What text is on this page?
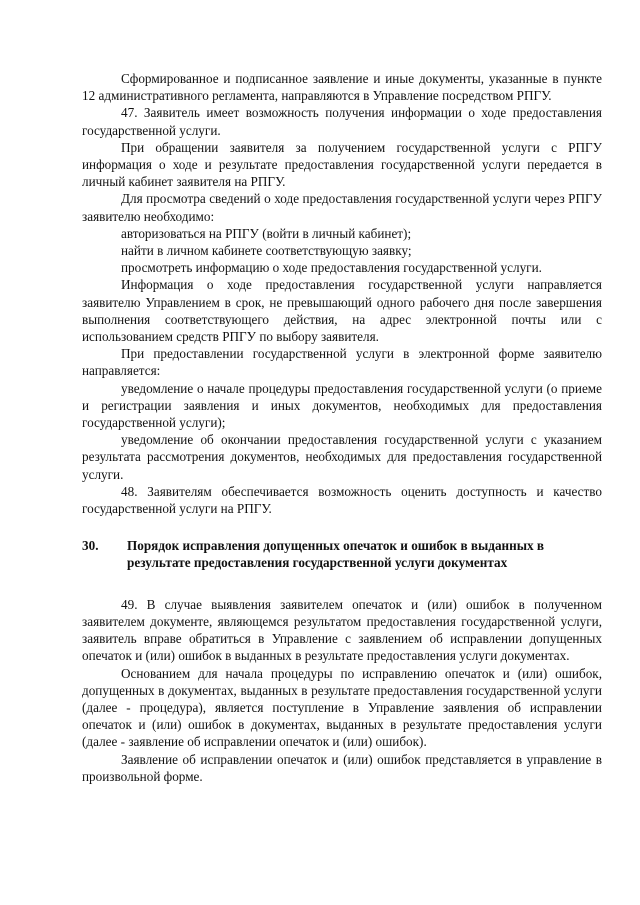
Сформированное и подписанное заявление и иные документы, указанные в пункте 12 административного регламента, направляются в Управление посредством РПГУ.

47. Заявитель имеет возможность получения информации о ходе предоставления государственной услуги.

При обращении заявителя за получением государственной услуги с РПГУ информация о ходе и результате предоставления государственной услуги передается в личный кабинет заявителя на РПГУ.

Для просмотра сведений о ходе предоставления государственной услуги через РПГУ заявителю необходимо:

авторизоваться на РПГУ (войти в личный кабинет);

найти в личном кабинете соответствующую заявку;

просмотреть информацию о ходе предоставления государственной услуги.

Информация о ходе предоставления государственной услуги направляется заявителю Управлением в срок, не превышающий одного рабочего дня после завершения выполнения соответствующего действия, на адрес электронной почты или с использованием средств РПГУ по выбору заявителя.

При предоставлении государственной услуги в электронной форме заявителю направляется:

уведомление о начале процедуры предоставления государственной услуги (о приеме и регистрации заявления и иных документов, необходимых для предоставления государственной услуги);

уведомление об окончании предоставления государственной услуги с указанием результата рассмотрения документов, необходимых для предоставления государственной услуги.

48. Заявителям обеспечивается возможность оценить доступность и качество государственной услуги на РПГУ.

30.	Порядок исправления допущенных опечаток и ошибок в выданных в результате предоставления государственной услуги документах

49. В случае выявления заявителем опечаток и (или) ошибок в полученном заявителем документе, являющемся результатом предоставления государственной услуги, заявитель вправе обратиться в Управление с заявлением об исправлении допущенных опечаток и (или) ошибок в выданных в результате предоставления услуги документах.

Основанием для начала процедуры по исправлению опечаток и (или) ошибок, допущенных в документах, выданных в результате предоставления государственной услуги (далее - процедура), является поступление в Управление заявления об исправлении опечаток и (или) ошибок в документах, выданных в результате предоставления услуги (далее - заявление об исправлении опечаток и (или) ошибок).

Заявление об исправлении опечаток и (или) ошибок представляется в управление в произвольной форме.
